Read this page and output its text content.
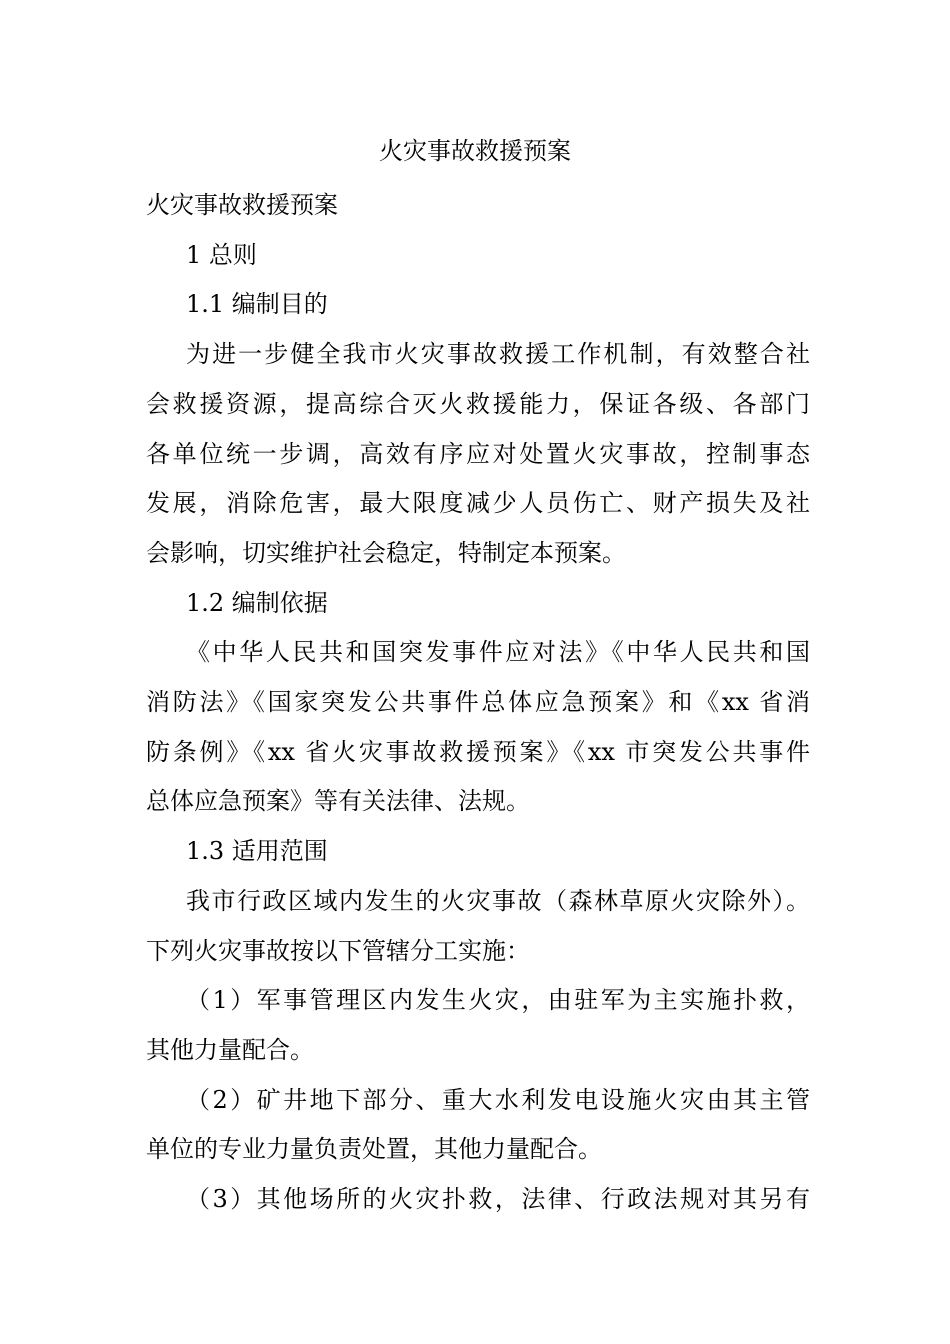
火灾事故救援预案

火灾事故救援预案

1 总则

1.1 编制目的

为进一步健全我市火灾事故救援工作机制，有效整合社
会救援资源，提高综合灭火救援能力，保证各级、各部门
各单位统一步调，高效有序应对处置火灾事故，控制事态
发展，消除危害，最大限度减少人员伤亡、财产损失及社
会影响，切实维护社会稳定，特制定本预案。

1.2 编制依据

《中华人民共和国突发事件应对法》《中华人民共和国
消防法》《国家突发公共事件总体应急预案》和《xx 省消
防条例》《xx 省火灾事故救援预案》《xx 市突发公共事件
总体应急预案》等有关法律、法规。

1.3 适用范围

我市行政区域内发生的火灾事故（森林草原火灾除外）。
下列火灾事故按以下管辖分工实施：

（1）军事管理区内发生火灾，由驻军为主实施扑救，
其他力量配合。

（2）矿井地下部分、重大水利发电设施火灾由其主管
单位的专业力量负责处置，其他力量配合。

（3）其他场所的火灾扑救，法律、行政法规对其另有
